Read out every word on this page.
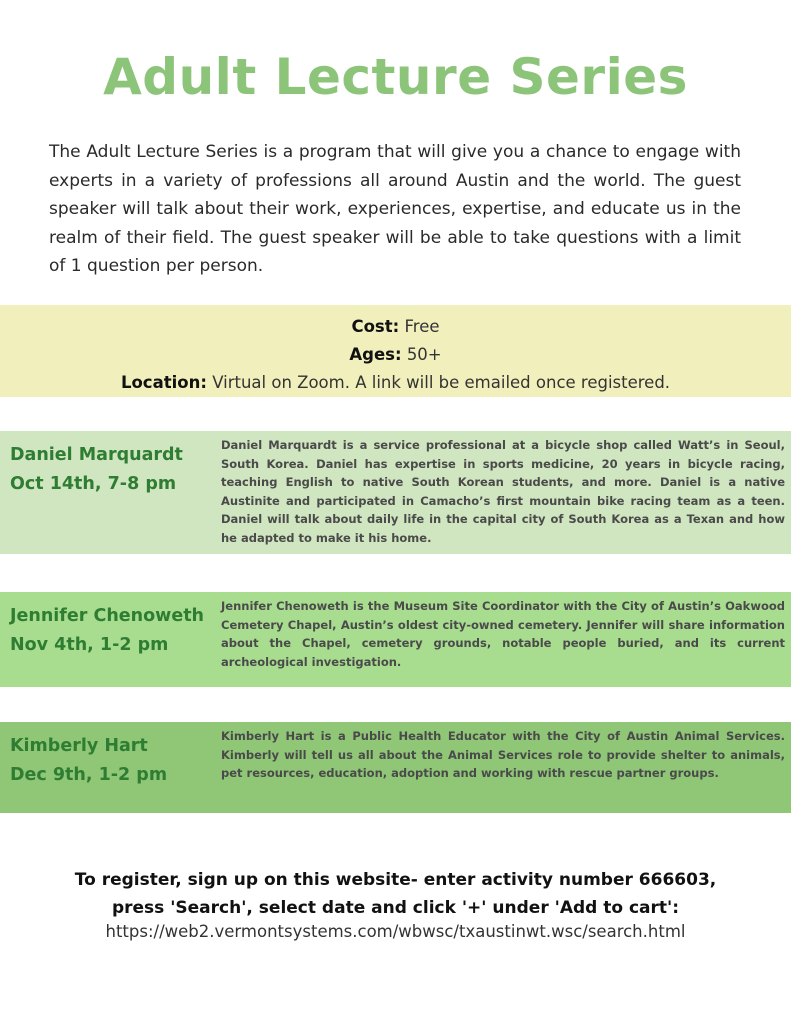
Adult Lecture Series
The Adult Lecture Series is a program that will give you a chance to engage with experts in a variety of professions all around Austin and the world. The guest speaker will talk about their work, experiences, expertise, and educate us in the realm of their field. The guest speaker will be able to take questions with a limit of 1 question per person.
Cost: Free
Ages: 50+
Location: Virtual on Zoom. A link will be emailed once registered.
Daniel Marquardt
Oct 14th, 7-8 pm
Daniel Marquardt is a service professional at a bicycle shop called Watt’s in Seoul, South Korea. Daniel has expertise in sports medicine, 20 years in bicycle racing, teaching English to native South Korean students, and more. Daniel is a native Austinite and participated in Camacho’s first mountain bike racing team as a teen. Daniel will talk about daily life in the capital city of South Korea as a Texan and how he adapted to make it his home.
Jennifer Chenoweth
Nov 4th, 1-2 pm
Jennifer Chenoweth is the Museum Site Coordinator with the City of Austin’s Oakwood Cemetery Chapel, Austin’s oldest city-owned cemetery. Jennifer will share information about the Chapel, cemetery grounds, notable people buried, and its current archeological investigation.
Kimberly Hart
Dec 9th, 1-2 pm
Kimberly Hart is a Public Health Educator with the City of Austin Animal Services. Kimberly will tell us all about the Animal Services role to provide shelter to animals, pet resources, education, adoption and working with rescue partner groups.
To register, sign up on this website- enter activity number 666603,
press 'Search', select date and click '+' under 'Add to cart':
https://web2.vermontsystems.com/wbwsc/txaustinwt.wsc/search.html
